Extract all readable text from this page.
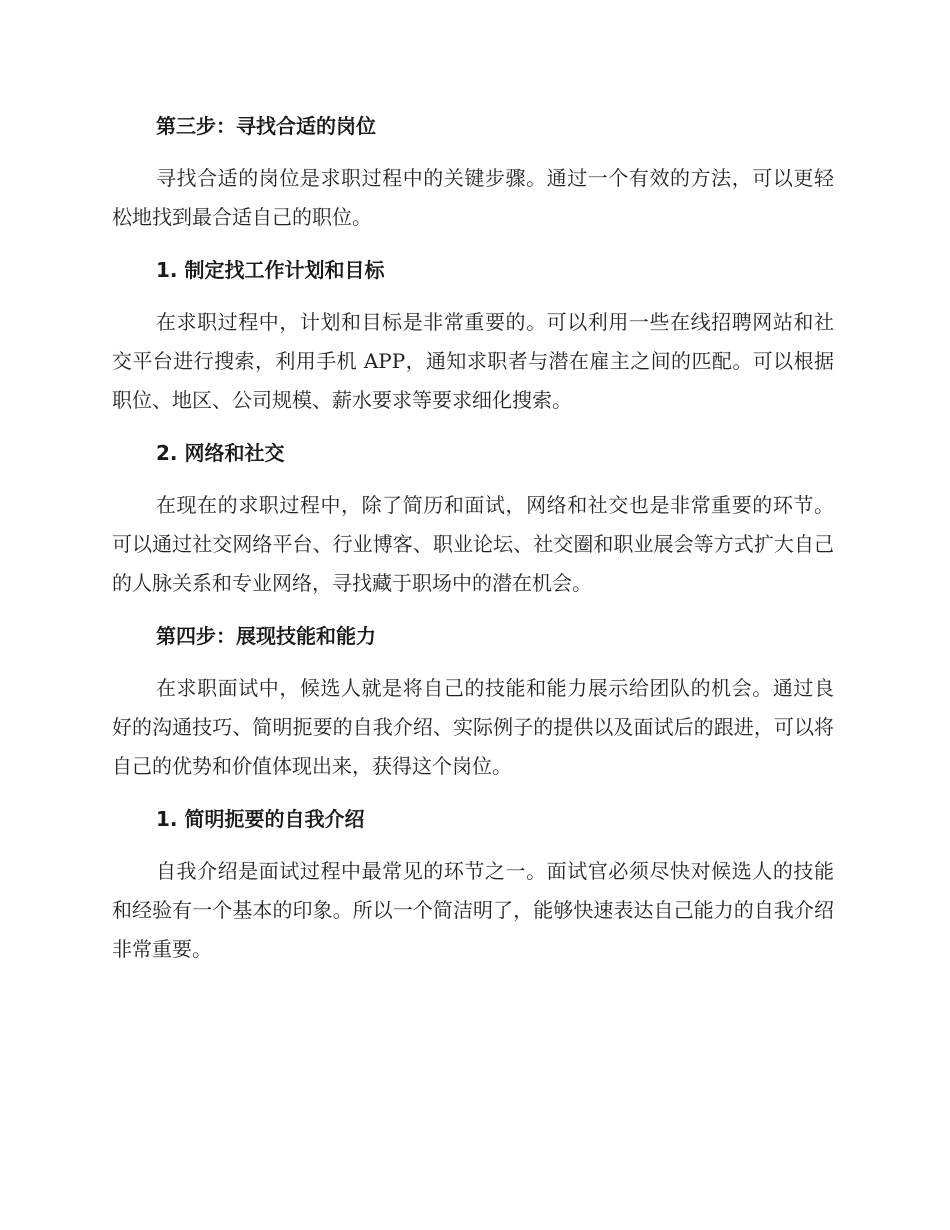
第三步：寻找合适的岗位

寻找合适的岗位是求职过程中的关键步骤。通过一个有效的方法，可以更轻松地找到最合适自己的职位。

1. 制定找工作计划和目标

在求职过程中，计划和目标是非常重要的。可以利用一些在线招聘网站和社交平台进行搜索，利用手机 APP，通知求职者与潜在雇主之间的匹配。可以根据职位、地区、公司规模、薪水要求等要求细化搜索。

2. 网络和社交

在现在的求职过程中，除了简历和面试，网络和社交也是非常重要的环节。可以通过社交网络平台、行业博客、职业论坛、社交圈和职业展会等方式扩大自己的人脉关系和专业网络，寻找藏于职场中的潜在机会。

第四步：展现技能和能力

在求职面试中，候选人就是将自己的技能和能力展示给团队的机会。通过良好的沟通技巧、简明扼要的自我介绍、实际例子的提供以及面试后的跟进，可以将自己的优势和价值体现出来，获得这个岗位。

1. 简明扼要的自我介绍

自我介绍是面试过程中最常见的环节之一。面试官必须尽快对候选人的技能和经验有一个基本的印象。所以一个简洁明了，能够快速表达自己能力的自我介绍非常重要。
